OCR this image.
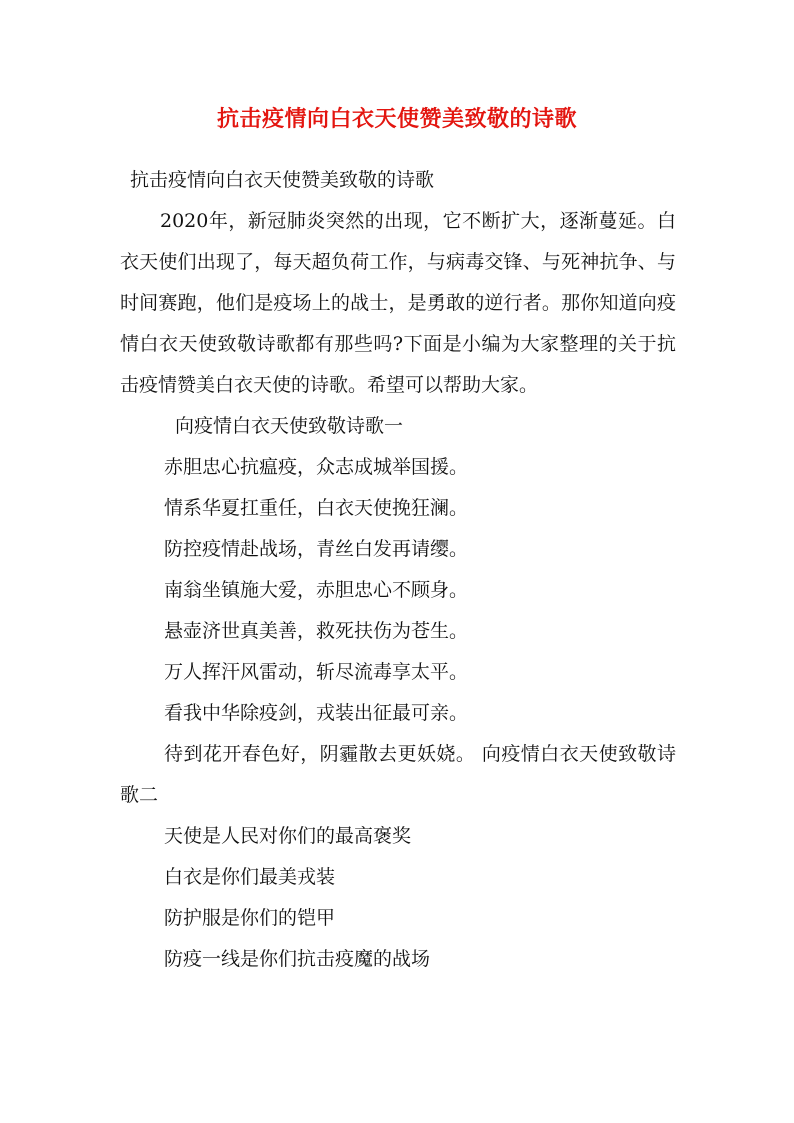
抗击疫情向白衣天使赞美致敬的诗歌

抗击疫情向白衣天使赞美致敬的诗歌

2020年，新冠肺炎突然的出现，它不断扩大，逐渐蔓延。白衣天使们出现了，每天超负荷工作，与病毒交锋、与死神抗争、与时间赛跑，他们是疫场上的战士，是勇敢的逆行者。那你知道向疫情白衣天使致敬诗歌都有那些吗?下面是小编为大家整理的关于抗击疫情赞美白衣天使的诗歌。希望可以帮助大家。

向疫情白衣天使致敬诗歌一

赤胆忠心抗瘟疫，众志成城举国援。

情系华夏扛重任，白衣天使挽狂澜。

防控疫情赴战场，青丝白发再请缨。

南翁坐镇施大爱，赤胆忠心不顾身。

悬壶济世真美善，救死扶伤为苍生。

万人挥汗风雷动，斩尽流毒享太平。

看我中华除疫剑，戎装出征最可亲。

待到花开春色好，阴霾散去更妖娆。 向疫情白衣天使致敬诗歌二

天使是人民对你们的最高褒奖

白衣是你们最美戎装

防护服是你们的铠甲

防疫一线是你们抗击疫魔的战场
